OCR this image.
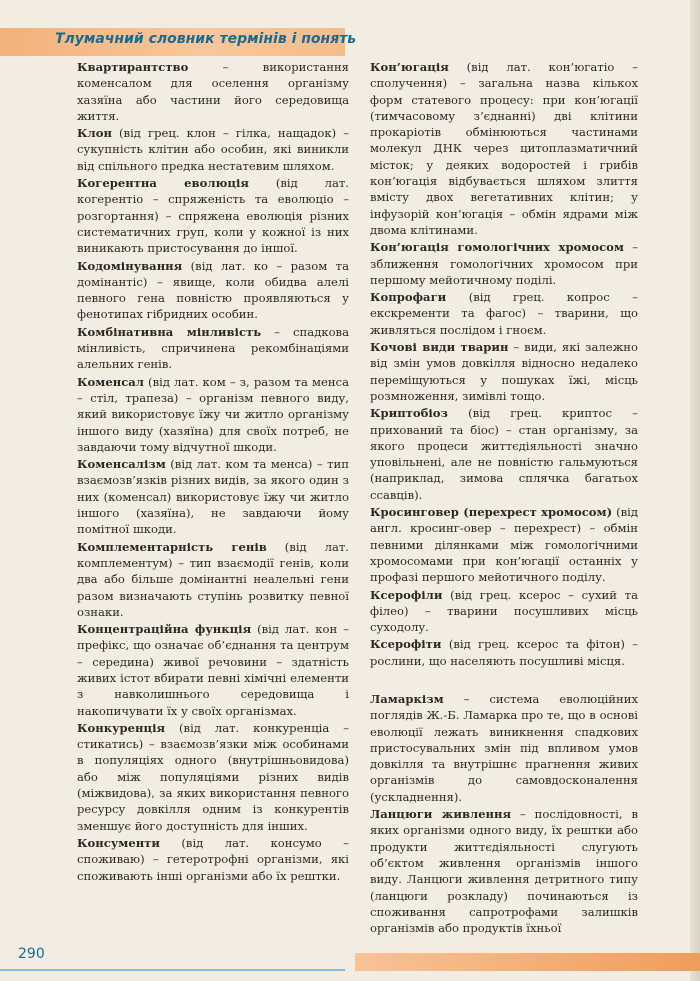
Тлумачний словник термінів і понять

Квартирантство – використання коменсалом для оселення організму хазяїна або частини його середовища життя.

Клон (від грец. клон – гілка, нащадок) – сукупність клітин або особин, які виникли від спільного предка нестатевим шляхом.

Когерентна еволюція (від лат. когерентіо – спряженість та еволюціо – розгортання) – спряжена еволюція різних систематичних груп, коли у кожної із них виникають пристосування до іншої.

Кодомінування (від лат. ко – разом та домінантіс) – явище, коли обидва алелі певного гена повністю проявляються у фенотипах гібридних особин.

Комбінативна мінливість – спадкова мінливість, спричинена рекомбінаціями алельних генів.

Коменсал (від лат. ком – з, разом та менса – стіл, трапеза) – організм певного виду, який використовує їжу чи житло організму іншого виду (хазяїна) для своїх потреб, не завдаючи тому відчутної шкоди.

Коменсалізм (від лат. ком та менса) – тип взаємозв’язків різних видів, за якого один з них (коменсал) використовує їжу чи житло іншого (хазяїна), не завдаючи йому помітної шкоди.

Комплементарність генів (від лат. комплементум) – тип взаємодії генів, коли два або більше домінантні неалельні гени разом визначають ступінь розвитку певної ознаки.

Концентраційна функція (від лат. кон – префікс, що означає об’єднання та центрум – середина) живої речовини – здатність живих істот вбирати певні хімічні елементи з навколишнього середовища і накопичувати їх у своїх організмах.

Конкуренція (від лат. конкуренціа – стикатись) – взаємозв’язки між особинами в популяціях одного (внутрішньовидова) або між популяціями різних видів (міжвидова), за яких використання певного ресурсу довкілля одним із конкурентів зменшує його доступність для інших.

Консументи (від лат. консумо – споживаю) – гетеротрофні організми, які споживають інші організми або їх рештки.

Кон’югація (від лат. кон’югатіо – сполучення) – загальна назва кількох форм статевого процесу: при кон’югації (тимчасовому з’єднанні) дві клітини прокаріотів обмінюються частинами молекул ДНК через цитоплазматичний місток; у деяких водоростей і грибів кон’югація відбувається шляхом злиття вмісту двох вегетативних клітин; у інфузорій кон’югація – обмін ядрами між двома клітинами.

Кон’югація гомологічних хромосом – зближення гомологічних хромосом при першому мейотичному поділі.

Копрофаги (від грец. копрос – екскременти та фагос) – тварини, що живляться послідом і гноєм.

Кочові види тварин – види, які залежно від змін умов довкілля відносно недалеко переміщуються у пошуках їжі, місць розмноження, зимівлі тощо.

Криптобіоз (від грец. криптос – прихований та біос) – стан організму, за якого процеси життєдіяльності значно уповільнені, але не повністю гальмуються (наприклад, зимова сплячка багатьох ссавців).

Кросинговер (перехрест хромосом) (від англ. кросинг-овер – перехрест) – обмін певними ділянками між гомологічними хромосомами при кон’югації останніх у профазі першого мейотичного поділу.

Ксерофіли (від грец. ксерос – сухий та філео) – тварини посушливих місць суходолу.

Ксерофіти (від грец. ксерос та фітон) – рослини, що населяють посушливі місця.

Ламаркізм – система еволюційних поглядів Ж.-Б. Ламарка про те, що в основі еволюції лежать виникнення спадкових пристосувальних змін під впливом умов довкілля та внутрішнє прагнення живих організмів до самовдосконалення (ускладнення).

Ланцюги живлення – послідовності, в яких організми одного виду, їх рештки або продукти життєдіяльності слугують об’єктом живлення організмів іншого виду. Ланцюги живлення детритного типу (ланцюги розкладу) починаються із споживання сапротрофами залишків організмів або продуктів їхньої

290
